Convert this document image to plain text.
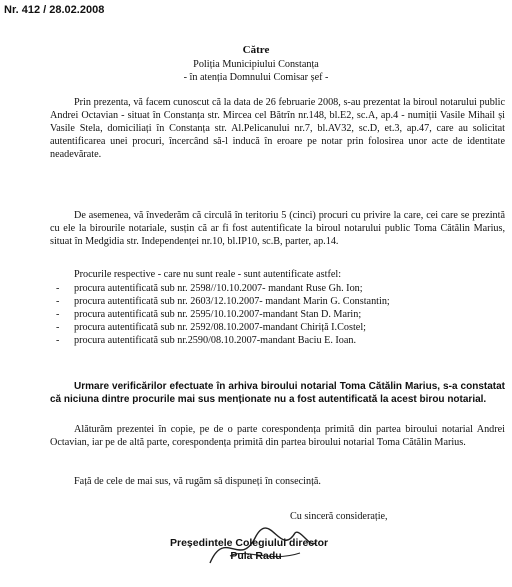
Nr. 412 / 28.02.2008
Către
Poliția Municipiului Constanța
- în atenția Domnului Comisar șef -
Prin prezenta, vă facem cunoscut că la data de 26 februarie 2008, s-au prezentat la biroul notarului public Andrei Octavian - situat în Constanța str. Mircea cel Bătrîn nr.148, bl.E2, sc.A, ap.4 - numiții Vasile Mihail și Vasile Stela, domiciliați în Constanța str. Al.Pelicanului nr.7, bl.AV32, sc.D, et.3, ap.47, care au solicitat autentificarea unei procuri, încercând să-l inducă în eroare pe notar prin folosirea unor acte de identitate neadevărate.
De asemenea, vă învederăm că circulă în teritoriu 5 (cinci) procuri cu privire la care, cei care se prezintă cu ele la birourile notariale, susțin că ar fi fost autentificate la biroul notarului public Toma Cătălin Marius, situat în Medgidia str. Independenței nr.10, bl.IP10, sc.B, parter, ap.14.
Procurile respective - care nu sunt reale - sunt autentificate astfel:
- procura autentificată sub nr. 2598//10.10.2007- mandant Ruse Gh. Ion;
- procura autentificată sub nr. 2603/12.10.2007- mandant Marin G. Constantin;
- procura autentificată sub nr. 2595/10.10.2007-mandant Stan D. Marin;
- procura autentificată sub nr. 2592/08.10.2007-mandant Chiriță I.Costel;
- procura autentificată sub nr.2590/08.10.2007-mandant Baciu E. Ioan.
Urmare verificărilor efectuate în arhiva biroului notarial Toma Cătălin Marius, s-a constatat că niciuna dintre procurile mai sus menționate nu a fost autentificată la acest birou notarial.
Alăturăm prezentei în copie, pe de o parte corespondența primită din partea biroului notarial Andrei Octavian, iar pe de altă parte, corespondența primită din partea biroului notarial Toma Cătălin Marius.
Față de cele de mai sus, vă rugăm să dispuneți în consecință.
Cu sinceră considerație,
Președintele Colegiului director
Pula Radu
